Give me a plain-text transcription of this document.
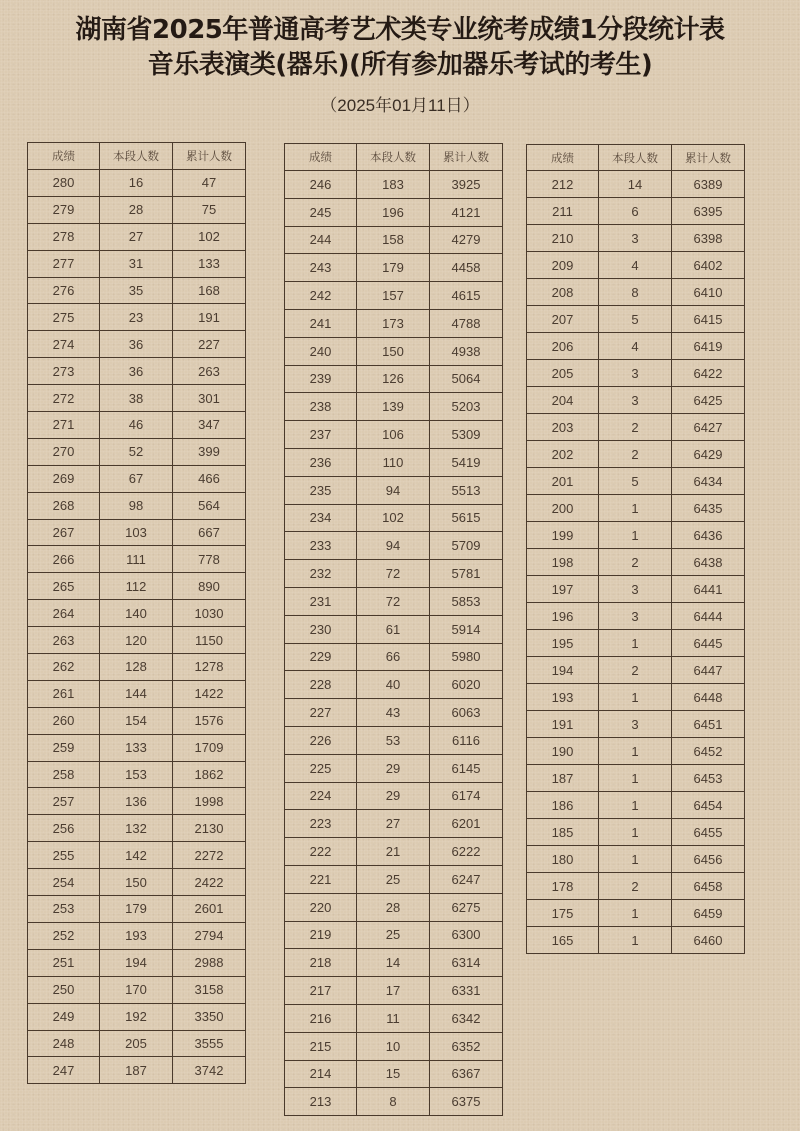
湖南省2025年普通高考艺术类专业统考成绩1分段统计表
音乐表演类(器乐)(所有参加器乐考试的考生)
（2025年01月11日）
成绩	本段人数	累计人数
280	16	47
279	28	75
278	27	102
277	31	133
276	35	168
275	23	191
274	36	227
273	36	263
272	38	301
271	46	347
270	52	399
269	67	466
268	98	564
267	103	667
266	111	778
265	112	890
264	140	1030
263	120	1150
262	128	1278
261	144	1422
260	154	1576
259	133	1709
258	153	1862
257	136	1998
256	132	2130
255	142	2272
254	150	2422
253	179	2601
252	193	2794
251	194	2988
250	170	3158
249	192	3350
248	205	3555
247	187	3742
成绩	本段人数	累计人数
246	183	3925
245	196	4121
244	158	4279
243	179	4458
242	157	4615
241	173	4788
240	150	4938
239	126	5064
238	139	5203
237	106	5309
236	110	5419
235	94	5513
234	102	5615
233	94	5709
232	72	5781
231	72	5853
230	61	5914
229	66	5980
228	40	6020
227	43	6063
226	53	6116
225	29	6145
224	29	6174
223	27	6201
222	21	6222
221	25	6247
220	28	6275
219	25	6300
218	14	6314
217	17	6331
216	11	6342
215	10	6352
214	15	6367
213	8	6375
成绩	本段人数	累计人数
212	14	6389
211	6	6395
210	3	6398
209	4	6402
208	8	6410
207	5	6415
206	4	6419
205	3	6422
204	3	6425
203	2	6427
202	2	6429
201	5	6434
200	1	6435
199	1	6436
198	2	6438
197	3	6441
196	3	6444
195	1	6445
194	2	6447
193	1	6448
191	3	6451
190	1	6452
187	1	6453
186	1	6454
185	1	6455
180	1	6456
178	2	6458
175	1	6459
165	1	6460
